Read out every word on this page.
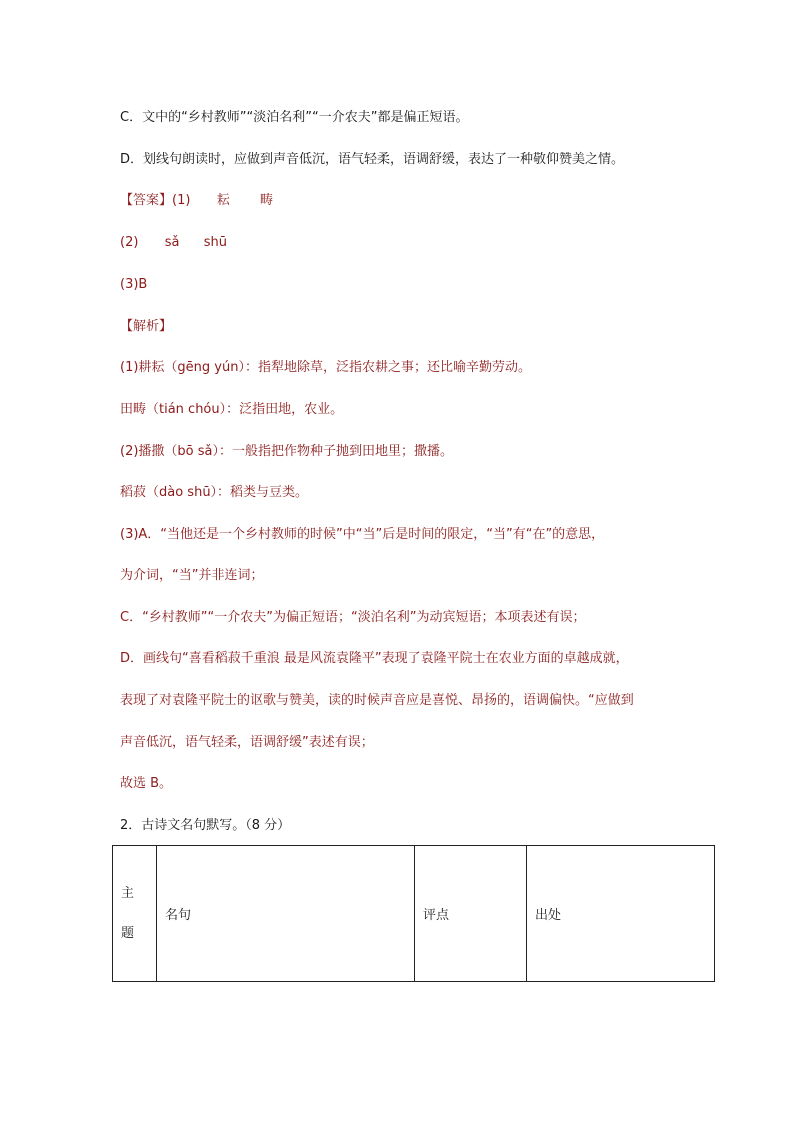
C．文中的“乡村教师”“淡泊名利”“一介农夫”都是偏正短语。
D．划线句朗读时，应做到声音低沉，语气轻柔，语调舒缓，表达了一种敬仰赞美之情。
【答案】(1) 耘 畴
(2) sǎ shū
(3)B
【解析】
(1)耕耘（gēng yún）：指犁地除草，泛指农耕之事；还比喻辛勤劳动。
田畴（tián chóu）：泛指田地，农业。
(2)播撒（bō sǎ）：一般指把作物种子抛到田地里；撒播。
稻菽（dào shū）：稻类与豆类。
(3)A．“当他还是一个乡村教师的时候”中“当”后是时间的限定，“当”有“在”的意思，
为介词，“当”并非连词；
C．“乡村教师”“一介农夫”为偏正短语；“淡泊名利”为动宾短语；本项表述有误；
D．画线句“喜看稻菽千重浪 最是风流袁隆平”表现了袁隆平院士在农业方面的卓越成就，
表现了对袁隆平院士的讴歌与赞美，读的时候声音应是喜悦、昂扬的，语调偏快。“应做到
声音低沉，语气轻柔，语调舒缓”表述有误；
故选 B。
2．古诗文名句默写。（8 分）
主
题
	名句	评点	出处
